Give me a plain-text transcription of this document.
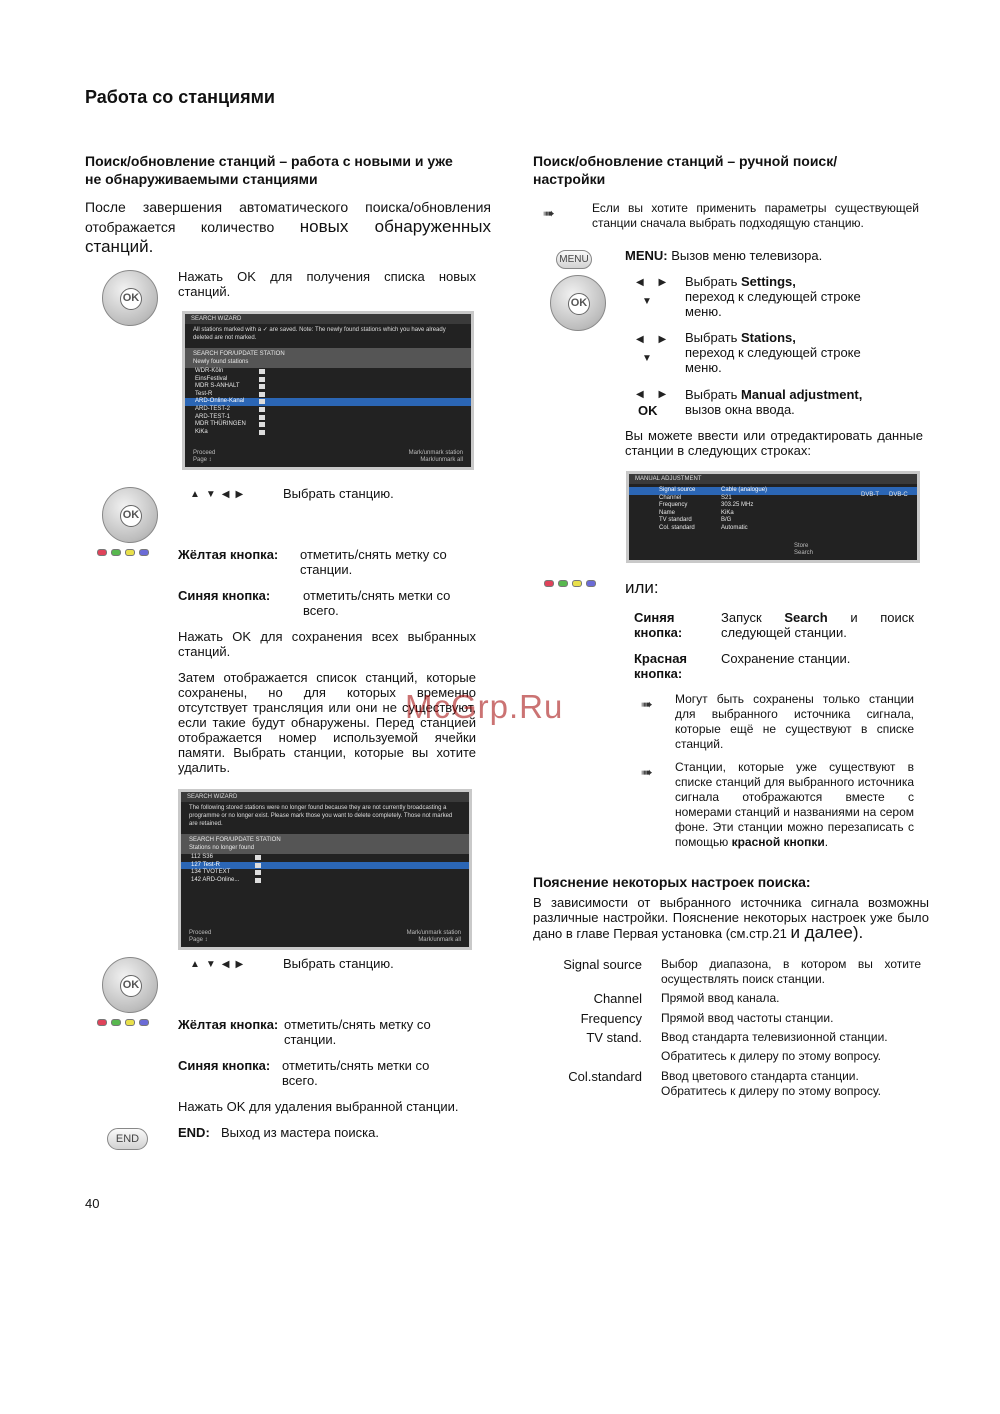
Работа со станциями
Поиск/обновление станций – работа с новыми и уже не обнаруживаемыми станциями
После завершения автоматического поиска/обновления отображается количество новых обнаруженных станций.
OK
Нажать OK для получения списка новых станций.
SEARCH WIZARD
All stations marked with a ✓ are saved. Note: The newly found stations which you have already deleted are not marked.
SEARCH FOR/UPDATE STATION
Newly found stations
WDR-Köln
EinsFestival
MDR S-ANHALT
Test-R
ARD-Online-Kanal
ARD-TEST-2
ARD-TEST-1
MDR THÜRINGEN
KiKa
Proceed	Mark/unmark station

Page ↕	Mark/unmark all
OK
▲▼◀▶	Выбрать станцию.
Жёлтая кнопка: отметить/снять метку со станции.
Синяя кнопка:	отметить/снять метки со всего.
Нажать OK для сохранения всех выбранных станций.
Затем отображается список станций, которые сохранены, но для которых временно отсутствует трансляция или они не существуют, если такие будут обнаружены. Перед станцией отображается номер используемой ячейки памяти. Выбрать станции, которые вы хотите удалить.
SEARCH WIZARD
The following stored stations were no longer found because they are not currently broadcasting a programme or no longer exist. Please mark those you want to delete completely. Those not marked are retained.
SEARCH FOR/UPDATE STATION
Stations no longer found
112 S36
127 Test-R
134 TVOTEXT
142 ARD-Online...
Proceed	Mark/unmark station

Page ↕	Mark/unmark all
OK
▲▼◀▶	Выбрать станцию.
Жёлтая кнопка: отметить/снять метку со станции.
Синяя кнопка: отметить/снять метки со всего.
Нажать OK для удаления выбранной станции.
END	END: Выход из мастера поиска.
40
Поиск/обновление станций – ручной поиск/ настройки
➠	Если вы хотите применить параметры существующей станции сначала выбрать подходящую станцию.
MENU	MENU: Вызов меню телевизора.
OK
◀ ▶
▼
Выбрать Settings,
переход к следующей строке меню.
◀ ▶
▼
Выбрать Stations,
переход к следующей строке меню.
◀ ▶
OK
Выбрать Manual adjustment,
вызов окна ввода.
Вы можете ввести или отредактировать данные станции в следующих строках:
MANUAL ADJUSTMENT
Signal source	Cable (analogue)
Channel	S21
Frequency	303.25 MHz
Name	KiKa
TV standard	B/G
Col. standard	Automatic
DVB-T DVB-C
Store
Search
или:
Синяя кнопка:
Запуск Search и поиск следующей станции.
Красная кнопка:
Сохранение станции.
➠ Могут быть сохранены только станции для выбранного источника сигнала, которые ещё не существуют в списке станций.
➠ Станции, которые уже существуют в списке станций для выбранного источника сигнала отображаются вместе с номерами станций и названиями на сером фоне. Эти станции можно перезаписать с помощью красной кнопки.
Пояснение некоторых настроек поиска:
В зависимости от выбранного источника сигнала возможны различные настройки. Пояснение некоторых настроек уже было дано в главе Первая установка (см.стр.21 и далее).
Signal source Выбор диапазона, в котором вы хотите осуществлять поиск станции.
Channel Прямой ввод канала.
Frequency Прямой ввод частоты станции.
TV stand. Ввод стандарта телевизионной станции.
Обратитесь к дилеру по этому вопросу.
Col.standard Ввод цветового стандарта станции. Обратитесь к дилеру по этому вопросу.
McGrp.Ru
